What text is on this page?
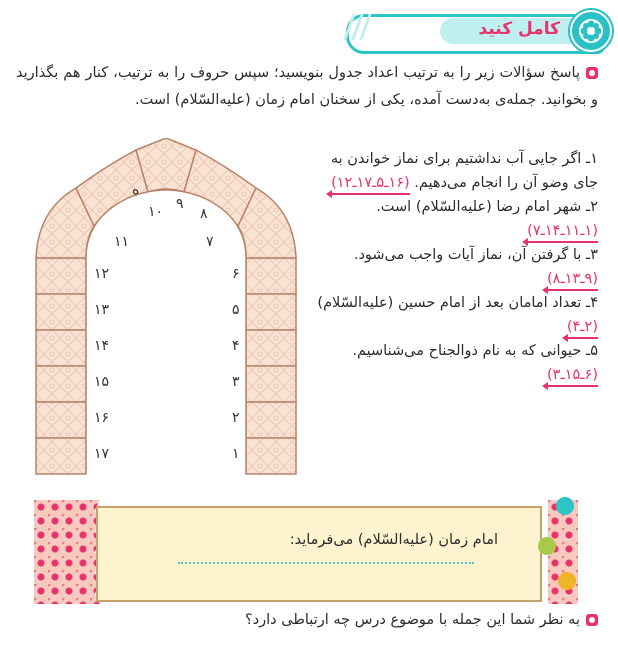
کامل کنید
پاسخ سؤالات زیر را به ترتیب اعداد جدول بنویسید؛ سپس حروف را به ترتیب، کنار هم بگذارید و بخوانید. جمله‌ی به‌دست آمده، یکی از سخنان امام زمان (علیه‌السّلام) است.

۱ـ اگر جایی آب نداشتیم برای نماز خواندن به جای وضو آن را انجام می‌دهیم. (۱۶ـ۵ـ۱۷ـ۱۲)

۲ـ شهر امام رضا (علیه‌السّلام) است. (۱ـ۱۱ـ۱۴ـ۷)

۳ـ با گرفتن آن، نماز آیات واجب می‌شود. (۹ـ۱۳ـ۸)

۴ـ تعداد امامان بعد از امام حسین (علیه‌السّلام) (۲ـ۴)

۵ـ حیوانی که به نام ذوالجناح می‌شناسیم. (۶ـ۱۵ـ۳)

۱۲
۱۳
۱۴
۱۵
۱۶
۱۷
۶
۵
۴
۳
۲
۱
۱۱	۷
۱۰ ۹
۸
ه
امام زمان (علیه‌السّلام) می‌فرماید:
به نظر شما این جمله با موضوع درس چه ارتباطی دارد؟
